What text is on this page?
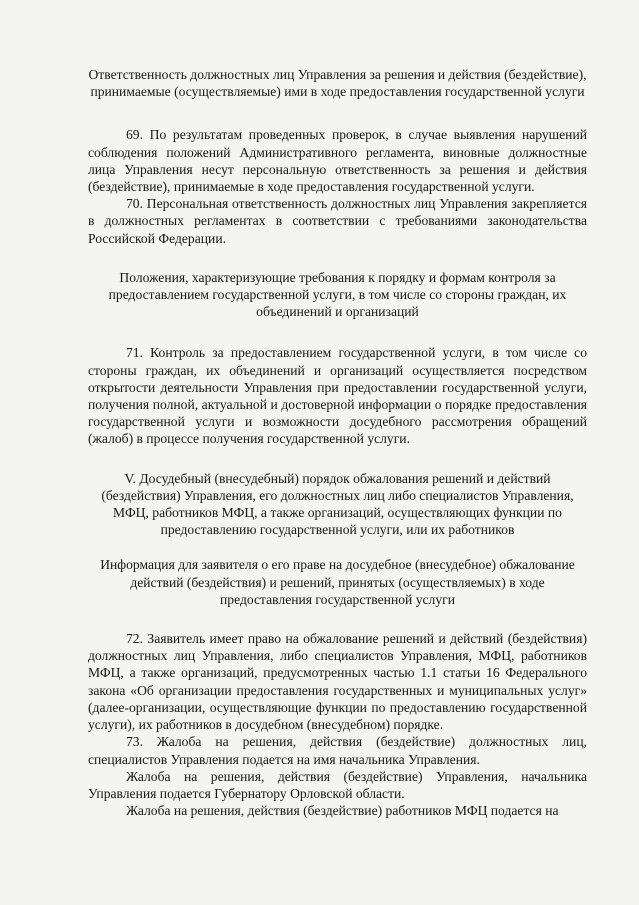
Ответственность должностных лиц Управления за решения и действия (бездействие), принимаемые (осуществляемые) ими в ходе предоставления государственной услуги

69. По результатам проведенных проверок, в случае выявления нарушений соблюдения положений Административного регламента, виновные должностные лица Управления несут персональную ответственность за решения и действия (бездействие), принимаемые в ходе предоставления государственной услуги.

70. Персональная ответственность должностных лиц Управления закрепляется в должностных регламентах в соответствии с требованиями законодательства Российской Федерации.

Положения, характеризующие требования к порядку и формам контроля за предоставлением государственной услуги, в том числе со стороны граждан, их объединений и организаций

71. Контроль за предоставлением государственной услуги, в том числе со стороны граждан, их объединений и организаций осуществляется посредством открытости деятельности Управления при предоставлении государственной услуги, получения полной, актуальной и достоверной информации о порядке предоставления государственной услуги и возможности досудебного рассмотрения обращений (жалоб) в процессе получения государственной услуги.

V. Досудебный (внесудебный) порядок обжалования решений и действий (бездействия) Управления, его должностных лиц либо специалистов Управления, МФЦ, работников МФЦ, а также организаций, осуществляющих функции по предоставлению государственной услуги, или их работников

Информация для заявителя о его праве на досудебное (внесудебное) обжалование действий (бездействия) и решений, принятых (осуществляемых) в ходе предоставления государственной услуги

72. Заявитель имеет право на обжалование решений и действий (бездействия) должностных лиц Управления, либо специалистов Управления, МФЦ, работников МФЦ, а также организаций, предусмотренных частью 1.1 статьи 16 Федерального закона «Об организации предоставления государственных и муниципальных услуг» (далее-организации, осуществляющие функции по предоставлению государственной услуги), их работников в досудебном (внесудебном) порядке.

73. Жалоба на решения, действия (бездействие) должностных лиц, специалистов Управления подается на имя начальника Управления.

Жалоба на решения, действия (бездействие) Управления, начальника Управления подается Губернатору Орловской области.

Жалоба на решения, действия (бездействие) работников МФЦ подается на
